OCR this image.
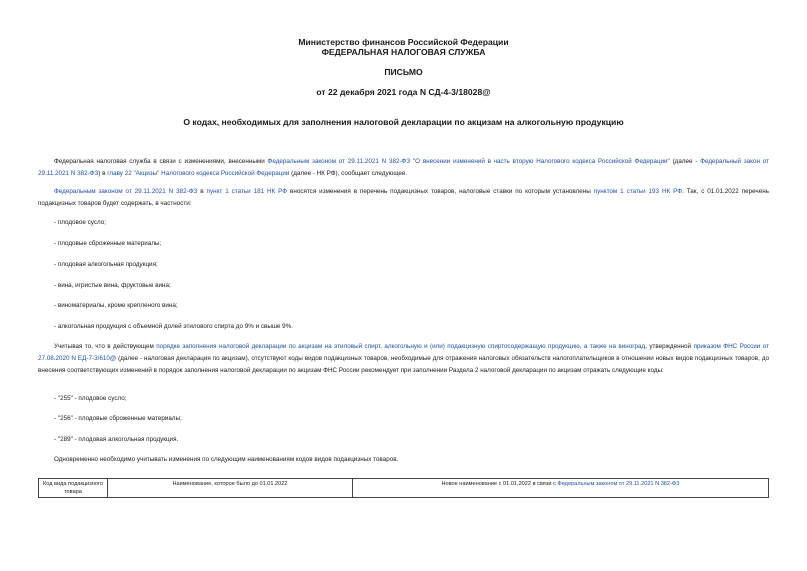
Министерство финансов Российской Федерации
ФЕДЕРАЛЬНАЯ НАЛОГОВАЯ СЛУЖБА
ПИСЬМО
от 22 декабря 2021 года N СД-4-3/18028@
О кодах, необходимых для заполнения налоговой декларации по акцизам на алкогольную продукцию
Федеральная налоговая служба в связи с изменениями, внесенными Федеральным законом от 29.11.2021 N 382-ФЗ "О внесении изменений в часть вторую Налогового кодекса Российской Федерации" (далее - Федеральный закон от 29.11.2021 N 382-ФЗ) в главу 22 "Акцизы" Налогового кодекса Российской Федерации (далее - НК РФ), сообщает следующее.
Федеральным законом от 29.11.2021 N 382-ФЗ в пункт 1 статьи 181 НК РФ вносятся изменения в перечень подакцизных товаров, налоговые ставки по которым установлены пунктом 1 статьи 193 НК РФ. Так, с 01.01.2022 перечень подакцизных товаров будет содержать, в частности:
- плодовое сусло;
- плодовые сброженные материалы;
- плодовая алкогольная продукция;
- вина, игристые вина, фруктовые вина;
- виноматериалы, кроме крепленого вина;
- алкогольная продукция с объемной долей этилового спирта до 9% и свыше 9%.
Учитывая то, что в действующем порядке заполнения налоговой декларации по акцизам на этиловый спирт, алкогольную и (или) подакцизную спиртосодержащую продукцию, а также на виноград, утвержденной приказом ФНС России от 27.08.2020 N ЕД-7-3/610@ (далее - налоговая декларация по акцизам), отсутствуют коды видов подакцизных товаров, необходимые для отражения налоговых обязательств налогоплательщиков в отношении новых видов подакцизных товаров, до внесения соответствующих изменений в порядок заполнения налоговой декларации по акцизам ФНС России рекомендует при заполнении Раздела 2 налоговой декларации по акцизам отражать следующие коды:
- "255" - плодовое сусло;
- "256" - плодовые сброженные материалы;
- "289" - плодовая алкогольная продукция.
Одновременно необходимо учитывать изменения по следующим наименованиям кодов видов подакцизных товаров.
Код вида подакцизного товара	Наименование, которое было до 01.01.2022	Новое наименование с 01.01.2022 в связи с Федеральным законом от 29.11.2021 N 382-ФЗ
